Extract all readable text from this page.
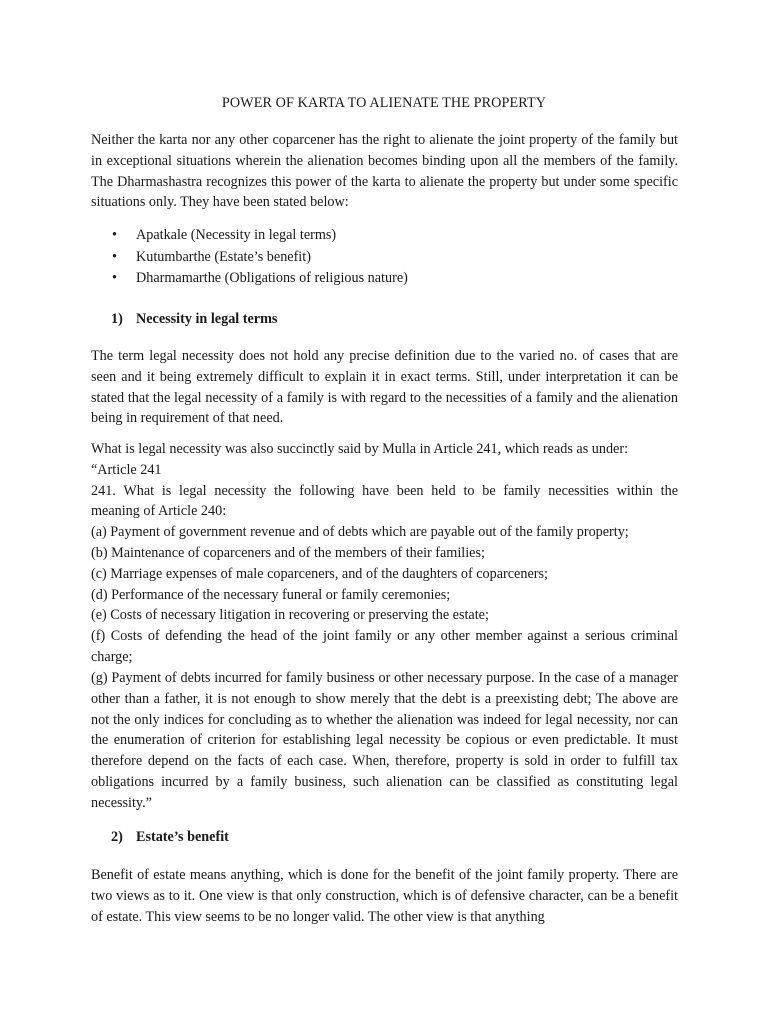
POWER OF KARTA TO ALIENATE THE PROPERTY

Neither the karta nor any other coparcener has the right to alienate the joint property of the family but in exceptional situations wherein the alienation becomes binding upon all the members of the family. The Dharmashastra recognizes this power of the karta to alienate the property but under some specific situations only. They have been stated below:

• Apatkale (Necessity in legal terms)
• Kutumbarthe (Estate’s benefit)
• Dharmamarthe (Obligations of religious nature)
1) Necessity in legal terms

The term legal necessity does not hold any precise definition due to the varied no. of cases that are seen and it being extremely difficult to explain it in exact terms. Still, under interpretation it can be stated that the legal necessity of a family is with regard to the necessities of a family and the alienation being in requirement of that need.

What is legal necessity was also succinctly said by Mulla in Article 241, which reads as under:
“Article 241
241. What is legal necessity the following have been held to be family necessities within the
meaning of Article 240:
(a) Payment of government revenue and of debts which are payable out of the family property;
(b) Maintenance of coparceners and of the members of their families;
(c) Marriage expenses of male coparceners, and of the daughters of coparceners;
(d) Performance of the necessary funeral or family ceremonies;
(e) Costs of necessary litigation in recovering or preserving the estate;
(f) Costs of defending the head of the joint family or any other member against a serious criminal
charge;

(g) Payment of debts incurred for family business or other necessary purpose. In the case of a manager other than a father, it is not enough to show merely that the debt is a preexisting debt; The above are not the only indices for concluding as to whether the alienation was indeed for legal necessity, nor can the enumeration of criterion for establishing legal necessity be copious or even predictable. It must therefore depend on the facts of each case. When, therefore, property is sold in order to fulfill tax obligations incurred by a family business, such alienation can be classified as constituting legal necessity.”

2) Estate’s benefit

Benefit of estate means anything, which is done for the benefit of the joint family property. There are two views as to it. One view is that only construction, which is of defensive character, can be a benefit of estate. This view seems to be no longer valid. The other view is that anything
